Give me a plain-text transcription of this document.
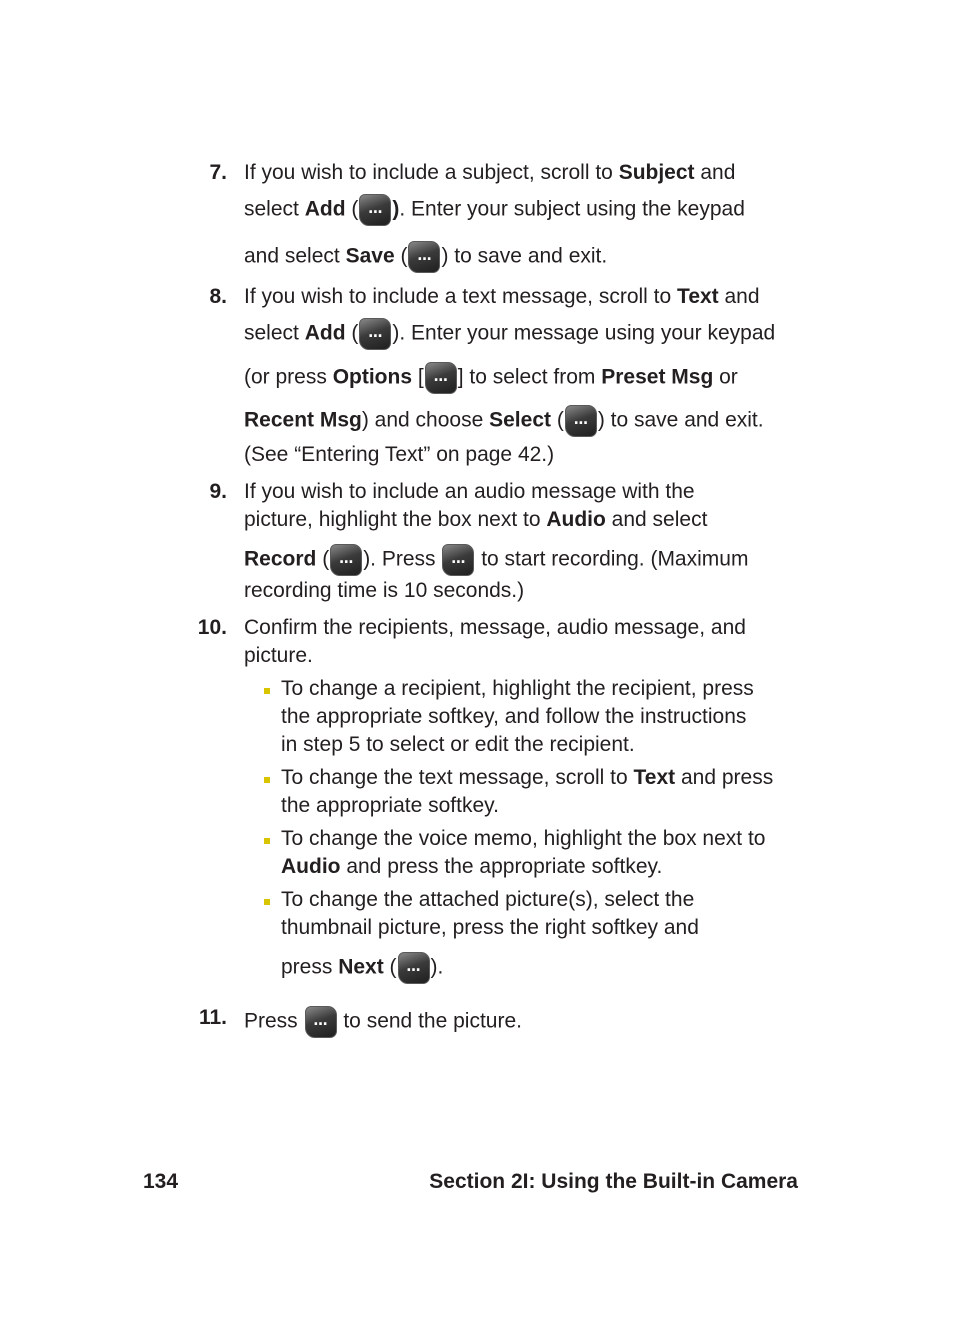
7. If you wish to include a subject, scroll to Subject and
select Add ( … ). Enter your subject using the keypad
and select Save ( … ) to save and exit.
8. If you wish to include a text message, scroll to Text and
select Add ( … ). Enter your message using your keypad
(or press Options [ … ] to select from Preset Msg or
Recent Msg) and choose Select ( … ) to save and exit.
(See “Entering Text” on page 42.)
9. If you wish to include an audio message with the
picture, highlight the box next to Audio and select
Record ( … ). Press … to start recording. (Maximum
recording time is 10 seconds.)
10. Confirm the recipients, message, audio message, and
picture.
To change a recipient, highlight the recipient, press
the appropriate softkey, and follow the instructions
in step 5 to select or edit the recipient.
To change the text message, scroll to Text and press
the appropriate softkey.
To change the voice memo, highlight the box next to
Audio and press the appropriate softkey.
To change the attached picture(s), select the
thumbnail picture, press the right softkey and
press Next ( … ).
11. Press … to send the picture.
134	Section 2I: Using the Built-in Camera
